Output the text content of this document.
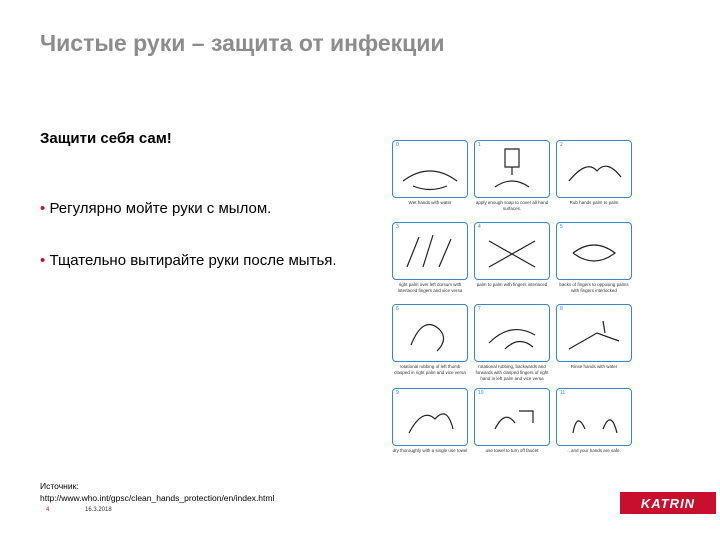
Чистые руки – защита от инфекции
Защити себя сам!
• Регулярно мойте руки с мылом.
• Тщательно вытирайте руки после мытья.
0
Wet hands with water
1
apply enough soap to cover all hand surfaces.
2
Rub hands palm to palm
3
right palm over left dorsum with interlaced fingers and vice versa
4
palm to palm with fingers interlaced
5
backs of fingers to opposing palms with fingers interlocked
6
rotational rubbing of left thumb clasped in right palm and vice versa
7
rotational rubbing, backwards and forwards with clasped fingers of right hand in left palm and vice versa
8
Rinse hands with water
9
dry thoroughly with a single use towel
10
use towel to turn off faucet
11
...and your hands are safe.
Источник:
http://www.who.int/gpsc/clean_hands_protection/en/index.html
4	16.3.2018	KATRIN
